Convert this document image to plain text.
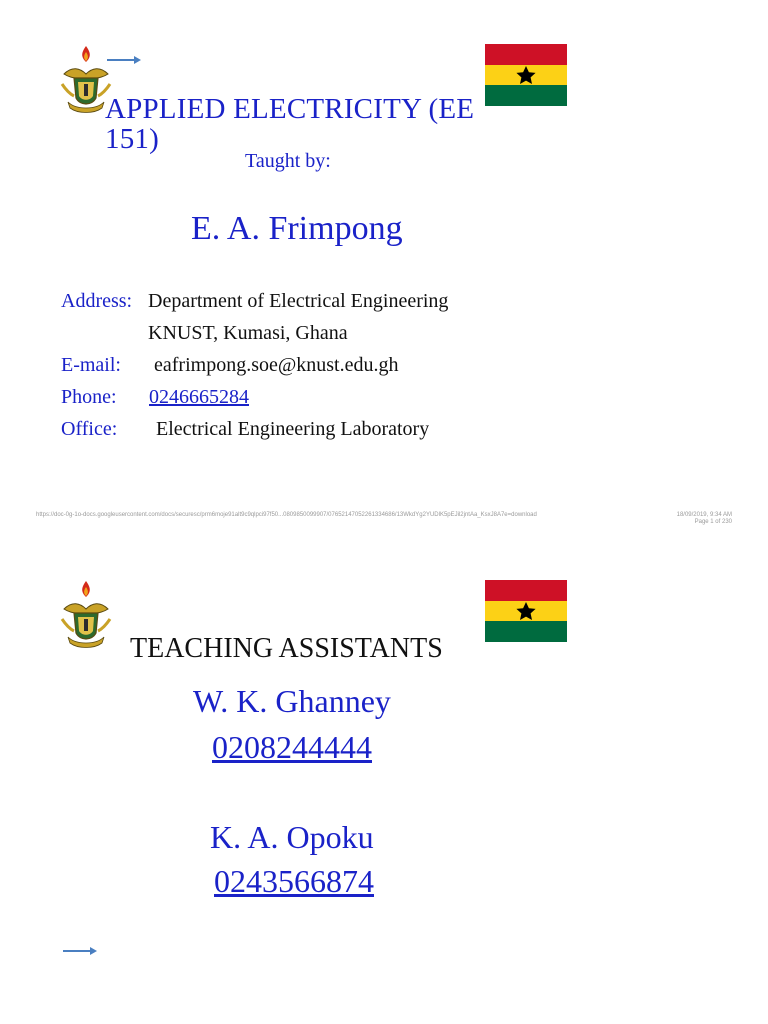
APPLIED ELECTRICITY (EE 151)
Taught by:
E. A. Frimpong
Address: Department of Electrical Engineering
KNUST, Kumasi, Ghana
E-mail: eafrimpong.soe@knust.edu.gh
Phone: 0246665284
Office: Electrical Engineering Laboratory
https://doc-0g-1o-docs.googleusercontent.com/docs/securesc/prm6moje91alt9c9qlpci97f50...0809850099907/07652147052261334686/13WkdYg2YUDlK5pEJil2jntAa_KsxJ8A7e=download	18/09/2019, 9:34 AM
Page 1 of 230
TEACHING ASSISTANTS
W. K. Ghanney
0208244444
K. A. Opoku
0243566874
